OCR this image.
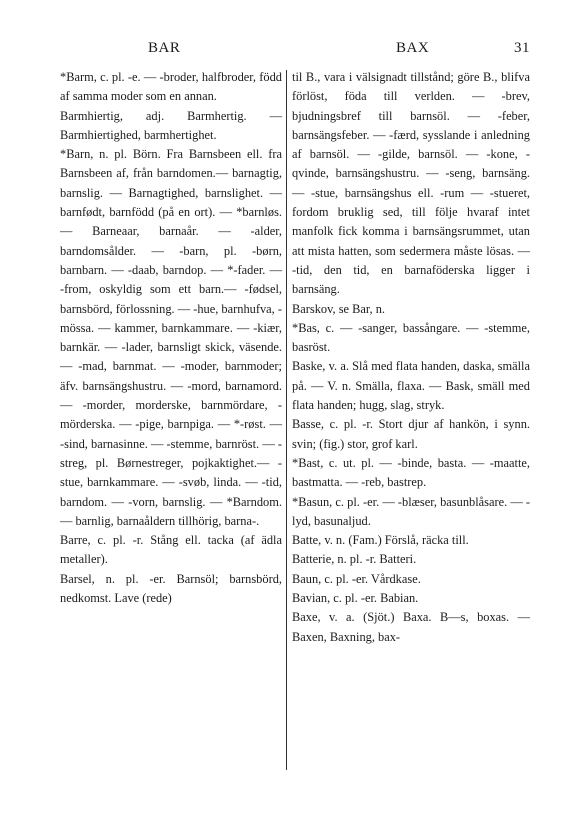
BAR	BAX	31

*Barm, c. pl. -e. — -broder, halfbroder, född af samma moder som en annan.

Barmhiertig, adj. Barmhertig. — Barmhiertighed, barmhertighet.

*Barn, n. pl. Börn. Fra Barnsbeen ell. fra Barnsbeen af, från barndomen.— barnagtig, barnslig. — Barnagtighed, barnslighet. — barnfødt, barnfödd (på en ort). — *barnløs. — Barneaar, barnaår. — -alder, barndomsålder. — -barn, pl. -børn, barnbarn. — -daab, barndop. — *-fader. — -from, oskyldig som ett barn.— -fødsel, barnsbörd, förlossning. — -hue, barnhufva, -mössa. — kammer, barnkammare. — -kiær, barnkär. — -lader, barnsligt skick, väsende. — -mad, barnmat. — -moder, barnmoder; äfv. barnsängshustru. — -mord, barnamord.— -morder, morderske, barnmördare, -mörderska. — -pige, barnpiga. — *-røst. — -sind, barnasinne. — -stemme, barnröst. — -streg, pl. Børnestreger, pojkaktighet.— -stue, barnkammare. — -svøb, linda. — -tid, barndom. — -vorn, barnslig. — *Barndom. — barnlig, barnaåldern tillhörig, barna-.

Barre, c. pl. -r. Stång ell. tacka (af ädla metaller).

Barsel, n. pl. -er. Barnsöl; barnsbörd, nedkomst. Lave (rede)

til B., vara i välsignadt tillstånd; göre B., blifva förlöst, föda till verlden. — -brev, bjudningsbref till barnsöl. — -feber, barnsängsfeber. — -færd, sysslande i anledning af barnsöl. — -gilde, barnsöl. — -kone, -qvinde, barnsängshustru. — -seng, barnsäng. — -stue, barnsängshus ell. -rum — -stueret, fordom bruklig sed, till följe hvaraf intet manfolk fick komma i barnsängsrummet, utan att mista hatten, som sedermera måste lösas. — -tid, den tid, en barnaföderska ligger i barnsäng.

Barskov, se Bar, n.

*Bas, c. — -sanger, bassångare. — -stemme, basröst.

Baske, v. a. Slå med flata handen, daska, smälla på. — V. n. Smälla, flaxa. — Bask, smäll med flata handen; hugg, slag, stryk.

Basse, c. pl. -r. Stort djur af hankön, i synn. svin; (fig.) stor, grof karl.

*Bast, c. ut. pl. — -binde, basta. — -maatte, bastmatta. — -reb, bastrep.

*Basun, c. pl. -er. — -blæser, basunblåsare. — -lyd, basunaljud.

Batte, v. n. (Fam.) Förslå, räcka till.

Batterie, n. pl. -r. Batteri.

Baun, c. pl. -er. Vårdkase.

Bavian, c. pl. -er. Babian.

Baxe, v. a. (Sjöt.) Baxa. B—s, boxas. — Baxen, Baxning, bax-
